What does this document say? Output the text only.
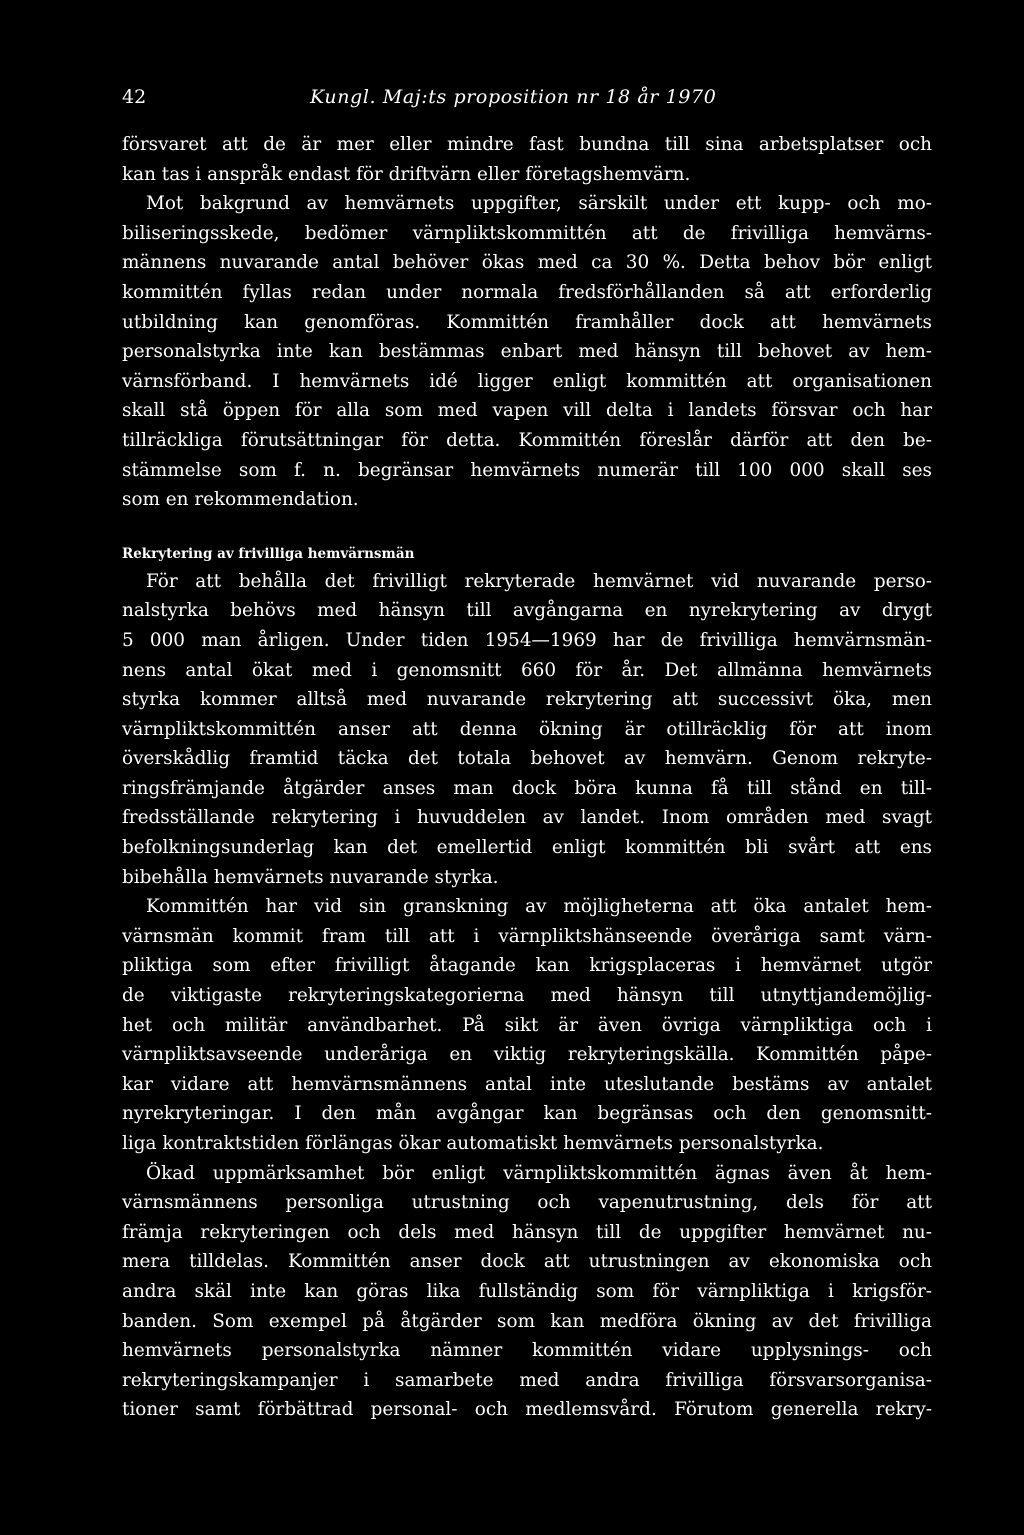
42	Kungl. Maj:ts proposition nr 18 år 1970
försvaret att de är mer eller mindre fast bundna till sina arbetsplatser och
kan tas i anspråk endast för driftvärn eller företagshemvärn.
Mot bakgrund av hemvärnets uppgifter, särskilt under ett kupp- och mo-
biliseringsskede, bedömer värnpliktskommittén att de frivilliga hemvärns-
männens nuvarande antal behöver ökas med ca 30 %. Detta behov bör enligt
kommittén fyllas redan under normala fredsförhållanden så att erforderlig
utbildning kan genomföras. Kommittén framhåller dock att hemvärnets
personalstyrka inte kan bestämmas enbart med hänsyn till behovet av hem-
värnsförband. I hemvärnets idé ligger enligt kommittén att organisationen
skall stå öppen för alla som med vapen vill delta i landets försvar och har
tillräckliga förutsättningar för detta. Kommittén föreslår därför att den be-
stämmelse som f. n. begränsar hemvärnets numerär till 100 000 skall ses
som en rekommendation.
Rekrytering av frivilliga hemvärnsmän
För att behålla det frivilligt rekryterade hemvärnet vid nuvarande perso-
nalstyrka behövs med hänsyn till avgångarna en nyrekrytering av drygt
5 000 man årligen. Under tiden 1954—1969 har de frivilliga hemvärnsmän-
nens antal ökat med i genomsnitt 660 för år. Det allmänna hemvärnets
styrka kommer alltså med nuvarande rekrytering att successivt öka, men
värnpliktskommittén anser att denna ökning är otillräcklig för att inom
överskådlig framtid täcka det totala behovet av hemvärn. Genom rekryte-
ringsfrämjande åtgärder anses man dock böra kunna få till stånd en till-
fredsställande rekrytering i huvuddelen av landet. Inom områden med svagt
befolkningsunderlag kan det emellertid enligt kommittén bli svårt att ens
bibehålla hemvärnets nuvarande styrka.
Kommittén har vid sin granskning av möjligheterna att öka antalet hem-
värnsmän kommit fram till att i värnpliktshänseende överåriga samt värn-
pliktiga som efter frivilligt åtagande kan krigsplaceras i hemvärnet utgör
de viktigaste rekryteringskategorierna med hänsyn till utnyttjandemöjlig-
het och militär användbarhet. På sikt är även övriga värnpliktiga och i
värnpliktsavseende underåriga en viktig rekryteringskälla. Kommittén påpe-
kar vidare att hemvärnsmännens antal inte uteslutande bestäms av antalet
nyrekryteringar. I den mån avgångar kan begränsas och den genomsnitt-
liga kontraktstiden förlängas ökar automatiskt hemvärnets personalstyrka.
Ökad uppmärksamhet bör enligt värnpliktskommittén ägnas även åt hem-
värnsmännens personliga utrustning och vapenutrustning, dels för att
främja rekryteringen och dels med hänsyn till de uppgifter hemvärnet nu-
mera tilldelas. Kommittén anser dock att utrustningen av ekonomiska och
andra skäl inte kan göras lika fullständig som för värnpliktiga i krigsför-
banden. Som exempel på åtgärder som kan medföra ökning av det frivilliga
hemvärnets personalstyrka nämner kommittén vidare upplysnings- och
rekryteringskampanjer i samarbete med andra frivilliga försvarsorganisa-
tioner samt förbättrad personal- och medlemsvård. Förutom generella rekry-
